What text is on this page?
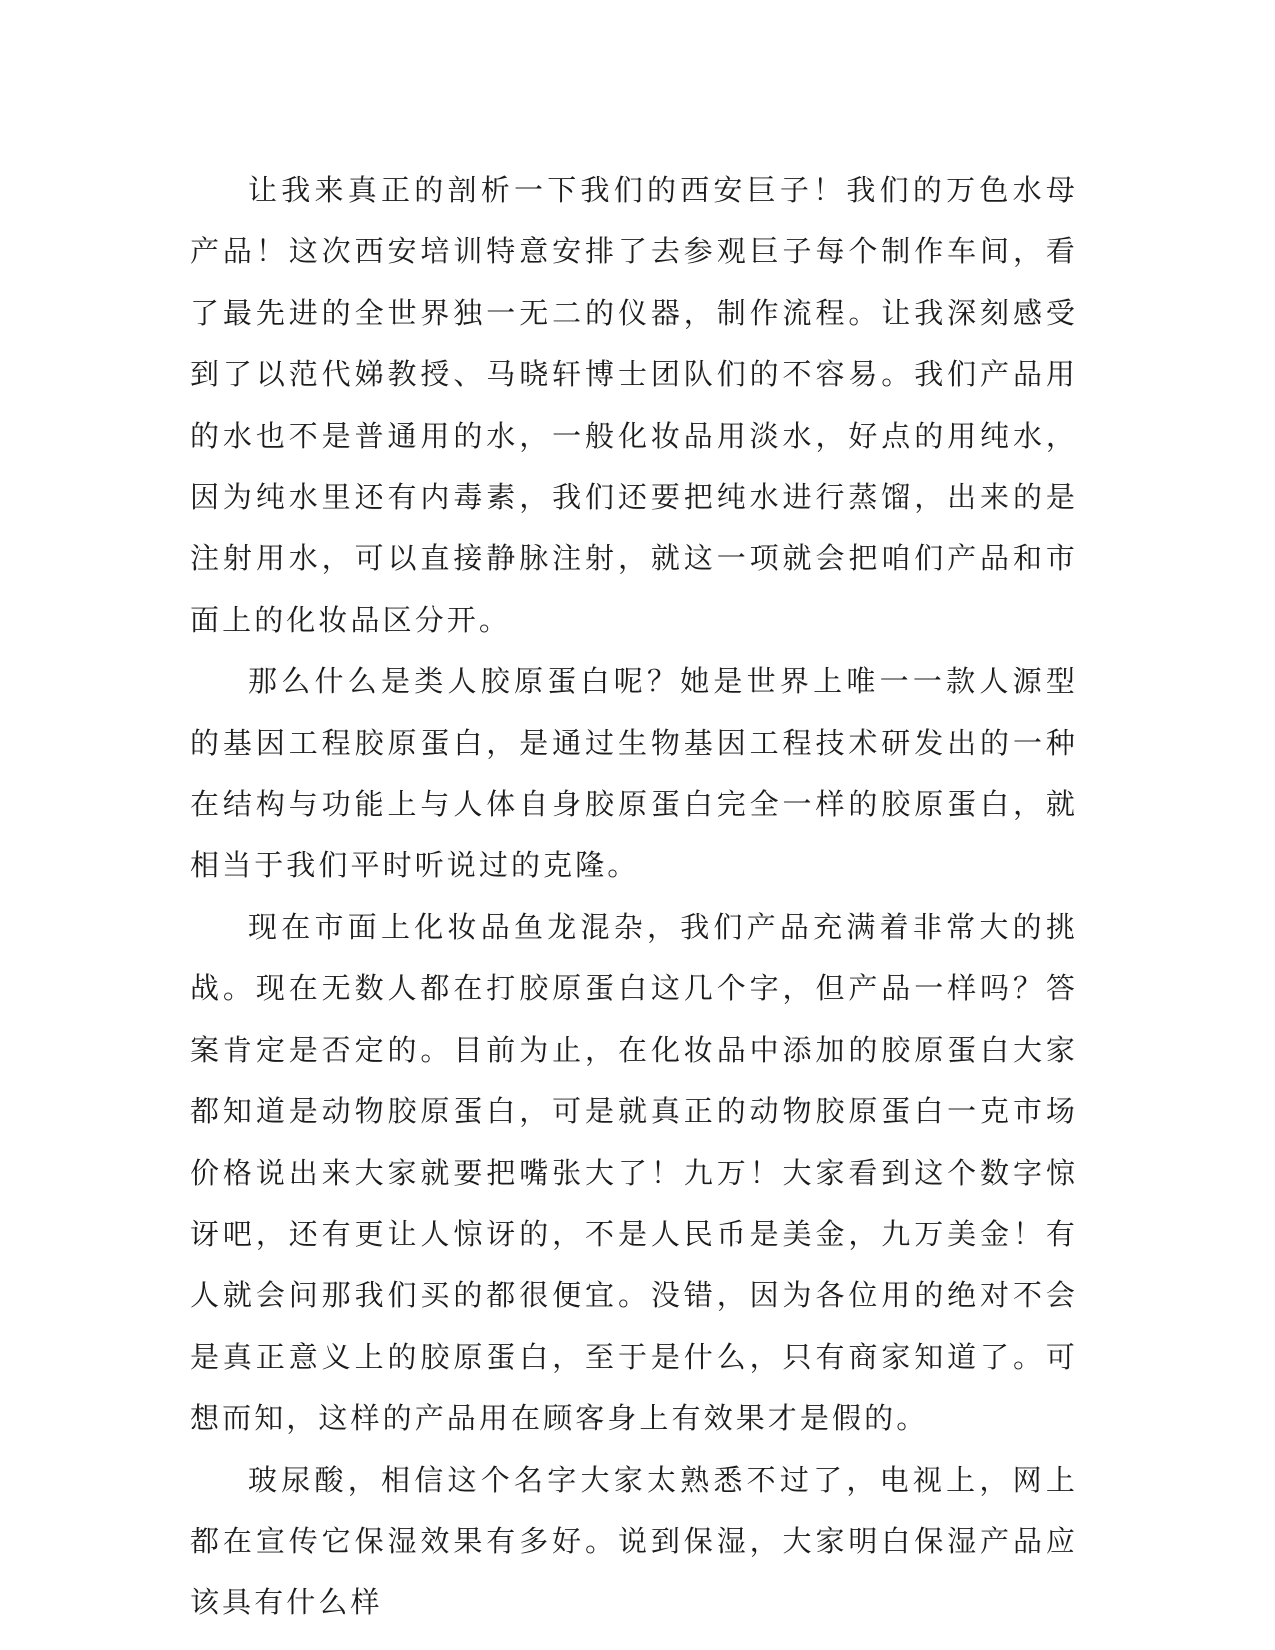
让我来真正的剖析一下我们的西安巨子！我们的万色水母产品！这次西安培训特意安排了去参观巨子每个制作车间，看了最先进的全世界独一无二的仪器，制作流程。让我深刻感受到了以范代娣教授、马晓轩博士团队们的不容易。我们产品用的水也不是普通用的水，一般化妆品用淡水，好点的用纯水，因为纯水里还有内毒素，我们还要把纯水进行蒸馏，出来的是注射用水，可以直接静脉注射，就这一项就会把咱们产品和市面上的化妆品区分开。

那么什么是类人胶原蛋白呢？她是世界上唯一一款人源型的基因工程胶原蛋白，是通过生物基因工程技术研发出的一种在结构与功能上与人体自身胶原蛋白完全一样的胶原蛋白，就相当于我们平时听说过的克隆。

现在市面上化妆品鱼龙混杂，我们产品充满着非常大的挑战。现在无数人都在打胶原蛋白这几个字，但产品一样吗？答案肯定是否定的。目前为止，在化妆品中添加的胶原蛋白大家都知道是动物胶原蛋白，可是就真正的动物胶原蛋白一克市场价格说出来大家就要把嘴张大了！九万！大家看到这个数字惊讶吧，还有更让人惊讶的，不是人民币是美金，九万美金！有人就会问那我们买的都很便宜。没错，因为各位用的绝对不会是真正意义上的胶原蛋白，至于是什么，只有商家知道了。可想而知，这样的产品用在顾客身上有效果才是假的。

玻尿酸，相信这个名字大家太熟悉不过了，电视上，网上都在宣传它保湿效果有多好。说到保湿，大家明白保湿产品应该具有什么样
